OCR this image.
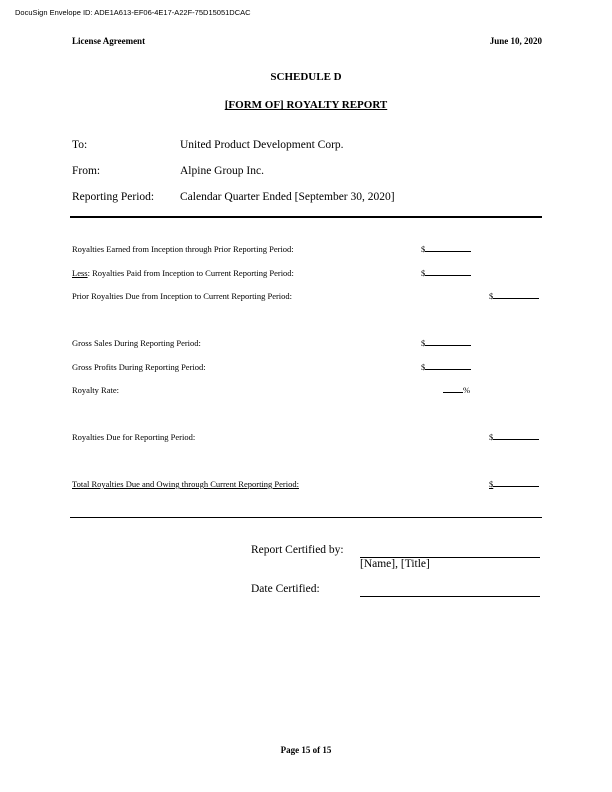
DocuSign Envelope ID: ADE1A613-EF06-4E17-A22F-75D15051DCAC
License Agreement	June 10, 2020
SCHEDULE D
[FORM OF] ROYALTY REPORT
To:	United Product Development Corp.
From:	Alpine Group Inc.
Reporting Period: Calendar Quarter Ended [September 30, 2020]
Royalties Earned from Inception through Prior Reporting Period:	$
Less: Royalties Paid from Inception to Current Reporting Period:	$
Prior Royalties Due from Inception to Current Reporting Period:	$
Gross Sales During Reporting Period:	$
Gross Profits During Reporting Period:	$
Royalty Rate:	%
Royalties Due for Reporting Period:	$
Total Royalties Due and Owing through Current Reporting Period:	$
Report Certified by:
[Name], [Title]
Date Certified:
Page 15 of 15
